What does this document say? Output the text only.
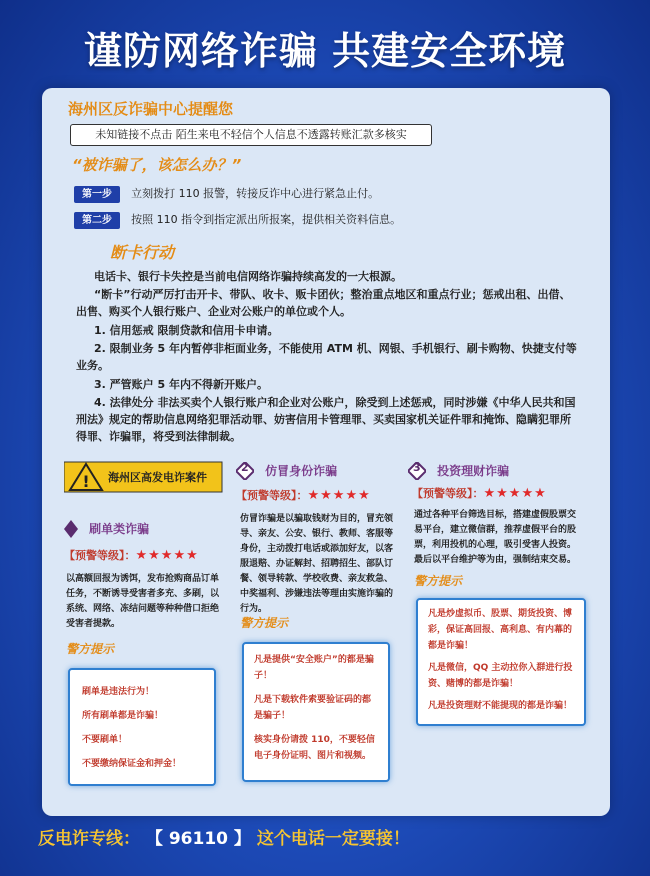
谨防网络诈骗 共建安全环境
海州区反诈骗中心提醒您
未知链接不点击 陌生来电不轻信个人信息不透露转账汇款多核实
“被诈骗了，该怎么办？”
第一步 立刻拨打 110 报警，转接反诈中心进行紧急止付。
第二步 按照 110 指令到指定派出所报案，提供相关资料信息。
断卡行动
电话卡、银行卡失控是当前电信网络诈骗持续高发的一大根源。
“断卡”行动严厉打击开卡、带队、收卡、贩卡团伙；整治重点地区和重点行业；惩戒出租、出借、出售、购买个人银行账户、企业对公账户的单位或个人。
1. 信用惩戒 限制贷款和信用卡申请。
2. 限制业务 5 年内暂停非柜面业务，不能使用 ATM 机、网银、手机银行、刷卡购物、快捷支付等业务。
3. 严管账户 5 年内不得新开账户。
4. 法律处分 非法买卖个人银行账户和企业对公账户，除受到上述惩戒，同时涉嫌《中华人民共和国刑法》规定的帮助信息网络犯罪活动罪、妨害信用卡管理罪、买卖国家机关证件罪和掩饰、隐瞒犯罪所得罪、诈骗罪，将受到法律制裁。
! 海州区高发电诈案件
刷单类诈骗
【预警等级】：★★★★★
以高额回报为诱饵，发布抢购商品订单任务，不断诱导受害者多充、多刷，以系统、网络、冻结问题等种种借口拒绝受害者提款。
警方提示
刷单是违法行为！
所有刷单都是诈骗！
不要刷单！
不要缴纳保证金和押金！

2 仿冒身份诈骗
【预警等级】：★★★★★
仿冒诈骗是以骗取钱财为目的，冒充领导、亲友、公安、银行、教师、客服等身份，主动拨打电话或添加好友，以客服退赔、办证解封、招聘招生、部队订餐、领导转款、学校收费、亲友救急、中奖福利、涉嫌违法等理由实施诈骗的行为。
警方提示
凡是提供“安全账户”的都是骗子！
凡是下载软件索要验证码的都是骗子！
核实身份请拨 110，不要轻信电子身份证明、图片和视频。

3 投资理财诈骗
【预警等级】：★★★★★
通过各种平台筛选目标，搭建虚假股票交易平台，建立微信群，推荐虚假平台的股票，利用投机的心理，吸引受害人投资。最后以平台维护等为由，强制结束交易。
警方提示
凡是炒虚拟币、股票、期货投资、博彩，保证高回报、高利息、有内幕的都是诈骗！
凡是微信，QQ 主动拉你入群进行投资、赌博的都是诈骗！
凡是投资理财不能提现的都是诈骗！
反电诈专线： 【 96110 】 这个电话一定要接！
